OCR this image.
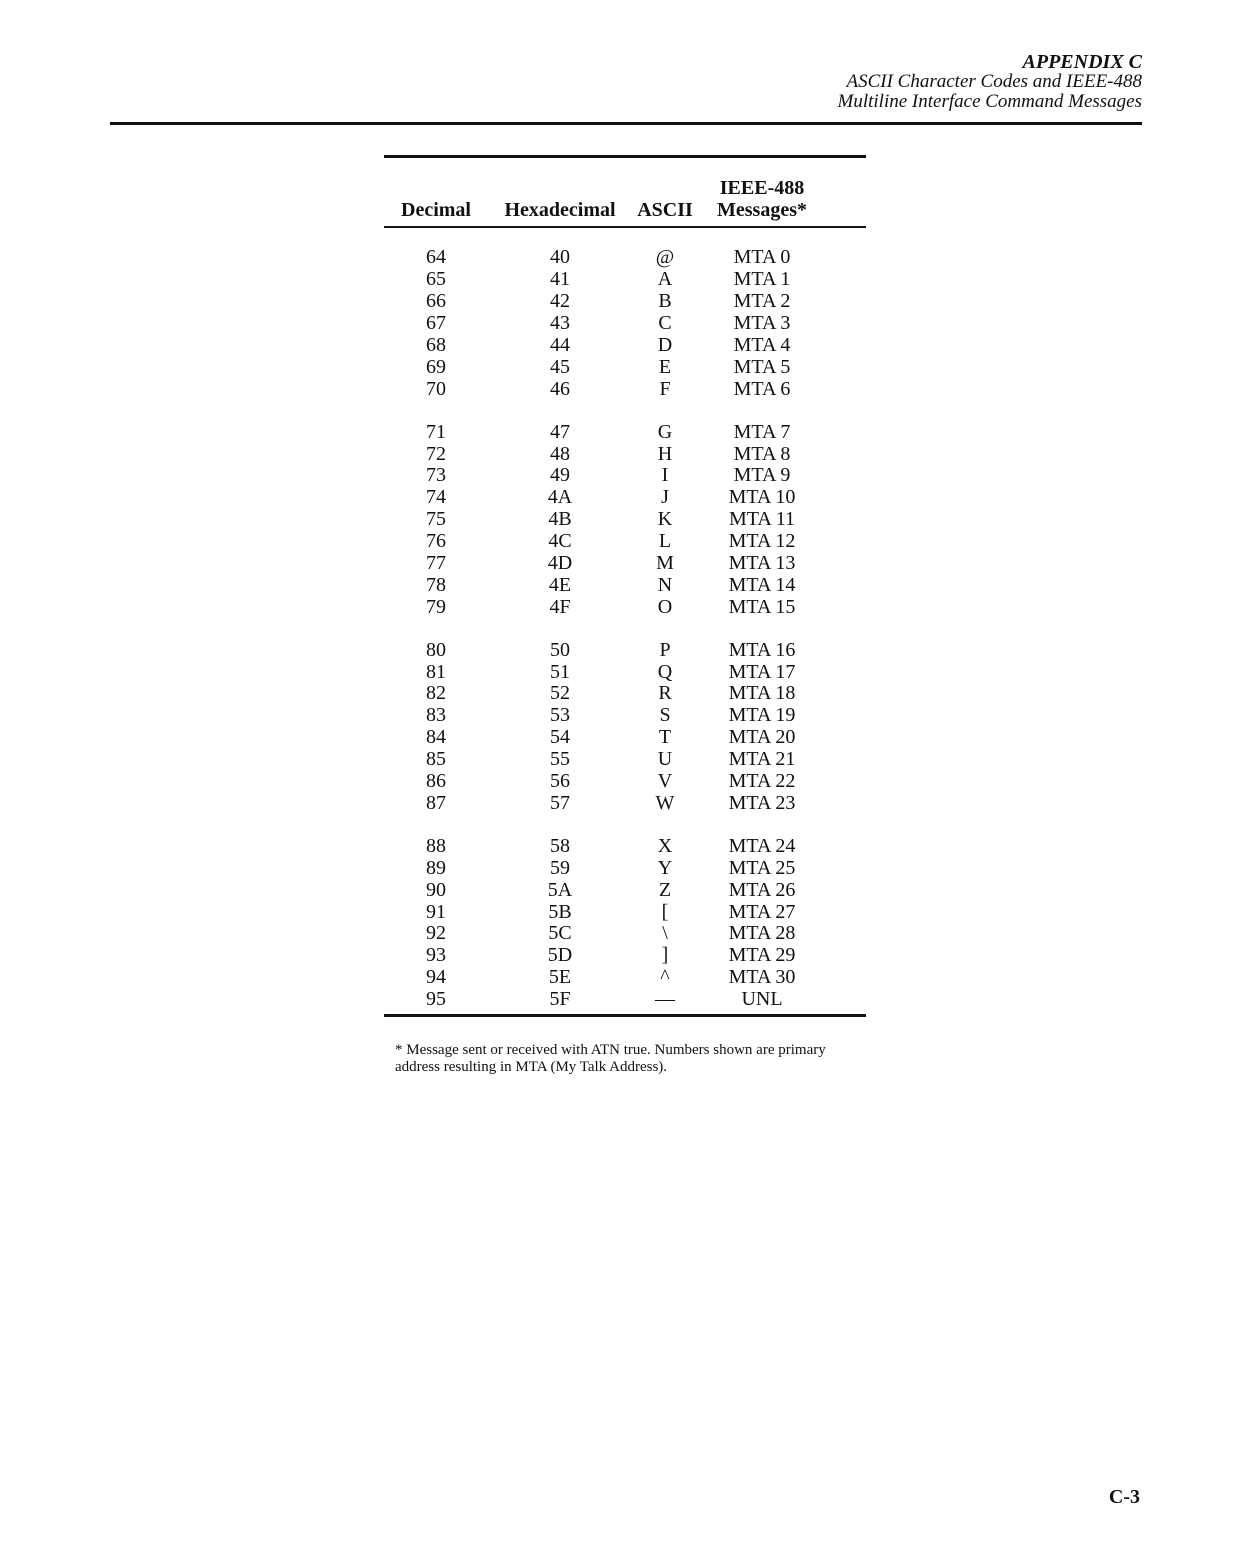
APPENDIX C
ASCII Character Codes and IEEE-488
Multiline Interface Command Messages
Decimal	Hexadecimal	ASCII
IEEE-488
Messages*
64	40	@	MTA 0
65	41	A	MTA 1
66	42	B	MTA 2
67	43	C	MTA 3
68	44	D	MTA 4
69	45	E	MTA 5
70	46	F	MTA 6
71	47	G	MTA 7
72	48	H	MTA 8
73	49	I	MTA 9
74	4A	J	MTA 10
75	4B	K	MTA 11
76	4C	L	MTA 12
77	4D	M	MTA 13
78	4E	N	MTA 14
79	4F	O	MTA 15
80	50	P	MTA 16
81	51	Q	MTA 17
82	52	R	MTA 18
83	53	S	MTA 19
84	54	T	MTA 20
85	55	U	MTA 21
86	56	V	MTA 22
87	57	W	MTA 23
88	58	X	MTA 24
89	59	Y	MTA 25
90	5A	Z	MTA 26
91	5B	[	MTA 27
92	5C	\	MTA 28
93	5D	]	MTA 29
94	5E	^	MTA 30
95	5F	—	UNL
* Message sent or received with ATN true. Numbers shown are primary address resulting in MTA (My Talk Address).
C-3
